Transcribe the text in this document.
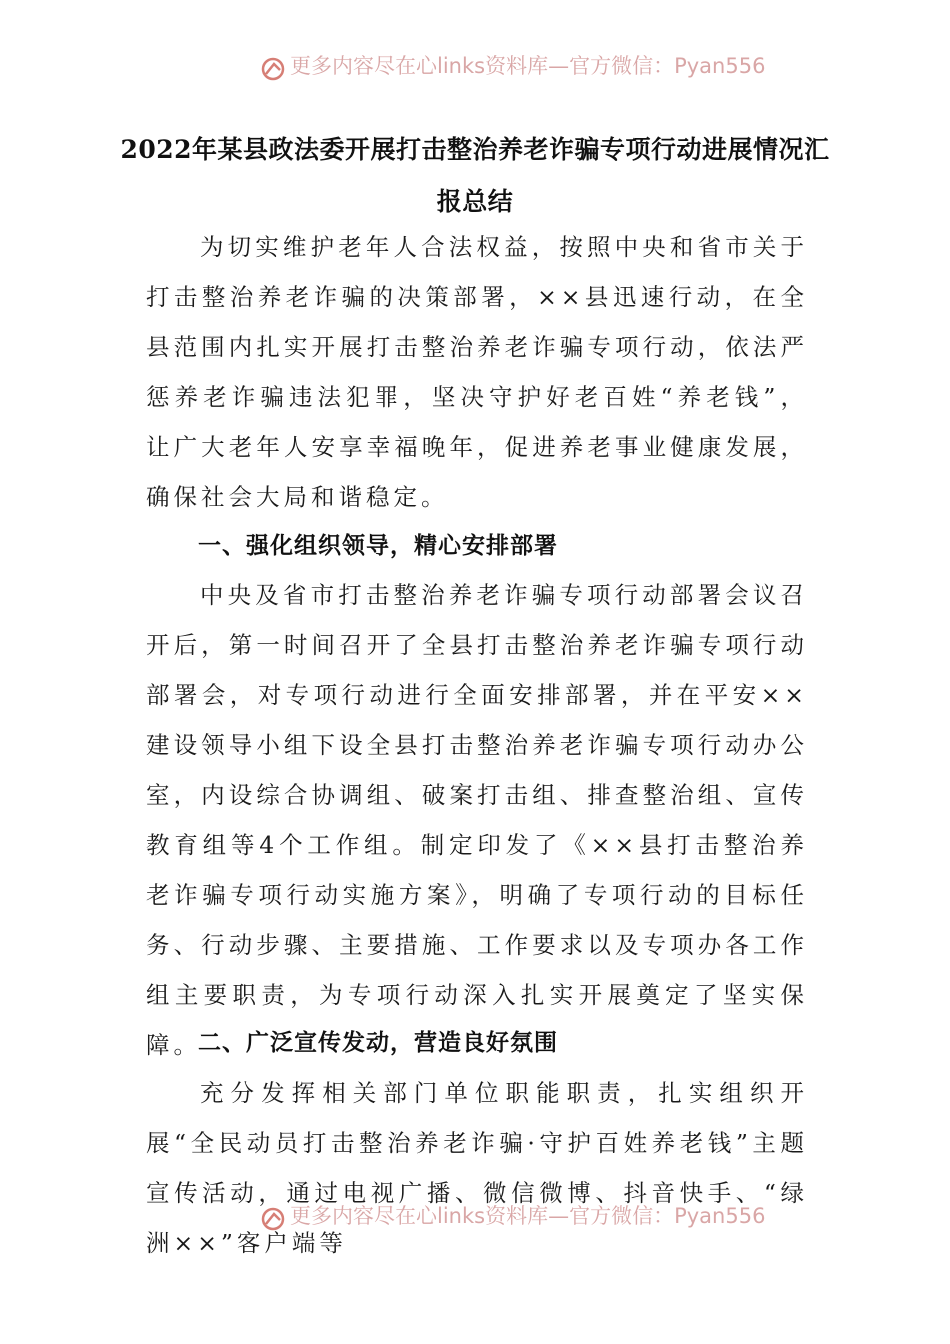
更多内容尽在心links资料库—官方微信：Pyan556
2022年某县政法委开展打击整治养老诈骗专项行动进展情况汇报总结

为切实维护老年人合法权益，按照中央和省市关于打击整治养老诈骗的决策部署，××县迅速行动，在全县范围内扎实开展打击整治养老诈骗专项行动，依法严惩养老诈骗违法犯罪，坚决守护好老百姓“养老钱”，让广大老年人安享幸福晚年，促进养老事业健康发展，确保社会大局和谐稳定。

一、强化组织领导，精心安排部署

中央及省市打击整治养老诈骗专项行动部署会议召开后，第一时间召开了全县打击整治养老诈骗专项行动部署会，对专项行动进行全面安排部署，并在平安××建设领导小组下设全县打击整治养老诈骗专项行动办公室，内设综合协调组、破案打击组、排查整治组、宣传教育组等4个工作组。制定印发了《××县打击整治养老诈骗专项行动实施方案》，明确了专项行动的目标任务、行动步骤、主要措施、工作要求以及专项办各工作组主要职责，为专项行动深入扎实开展奠定了坚实保障。

二、广泛宣传发动，营造良好氛围

充分发挥相关部门单位职能职责，扎实组织开展“全民动员打击整治养老诈骗·守护百姓养老钱”主题宣传活动，通过电视广播、微信微博、抖音快手、“绿洲××”客户端等

更多内容尽在心links资料库—官方微信：Pyan556
